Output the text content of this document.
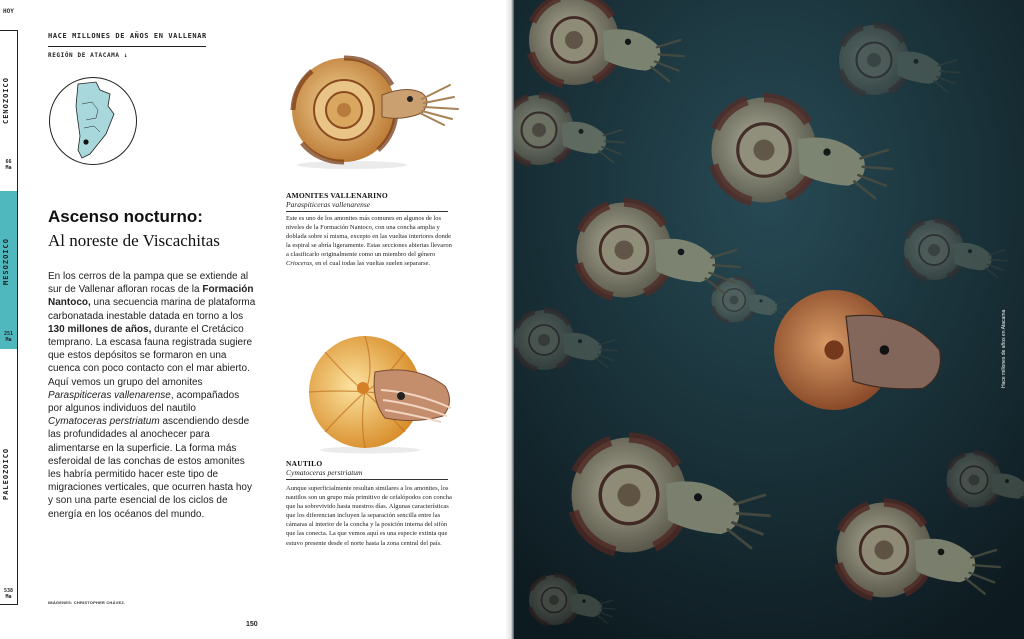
HOY
CENOZOICO
66
Ma
MESOZOICO
251
Ma
PALEOZOICO
538
Ma
HACE MILLONES DE AÑOS EN VALLENAR
REGIÓN DE ATACAMA ↓
Ascenso nocturno:
Al noreste de Viscachitas
En los cerros de la pampa que se extiende al sur de Vallenar afloran rocas de la Formación Nantoco, una secuencia marina de plataforma carbonatada inestable datada en torno a los 130 millones de años, durante el Cretácico temprano. La escasa fauna registrada sugiere que estos depósitos se formaron en una cuenca con poco contacto con el mar abierto. Aquí vemos un grupo del amonites Paraspiticeras vallenarense, acompañados por algunos individuos del nautilo Cymatoceras perstriatum ascendiendo desde las profundidades al anochecer para alimentarse en la superficie. La forma más esferoidal de las conchas de estos amonites les habría permitido hacer este tipo de migraciones verticales, que ocurren hasta hoy y son una parte esencial de los ciclos de energía en los océanos del mundo.
IMÁGENES: CHRISTOPHER CHÁVEZ.
150
AMONITES VALLENARINO
Paraspiticeras vallenarense
Este es uno de los amonites más comunes en algunos de los niveles de la Formación Nantoco, con una concha amplia y doblada sobre sí misma, excepto en las vueltas interiores donde la espiral se abría ligeramente. Estas secciones abiertas llevaron a clasificarlo originalmente como un miembro del género Crioceras, en el cual todas las vueltas suelen separarse.
NAUTILO
Cymatoceras perstriatum
Aunque superficialmente resultan similares a los amonites, los nautilos son un grupo más primitivo de cefalópodos con concha que ha sobrevivido hasta nuestros días. Algunas características que los diferencian incluyen la separación sencilla entre las cámaras al interior de la concha y la posición interna del sifón que las conecta. La que vemos aquí es una especie extinta que estuvo presente desde el norte hasta la zona central del país.
Hace millones de años en Atacama
